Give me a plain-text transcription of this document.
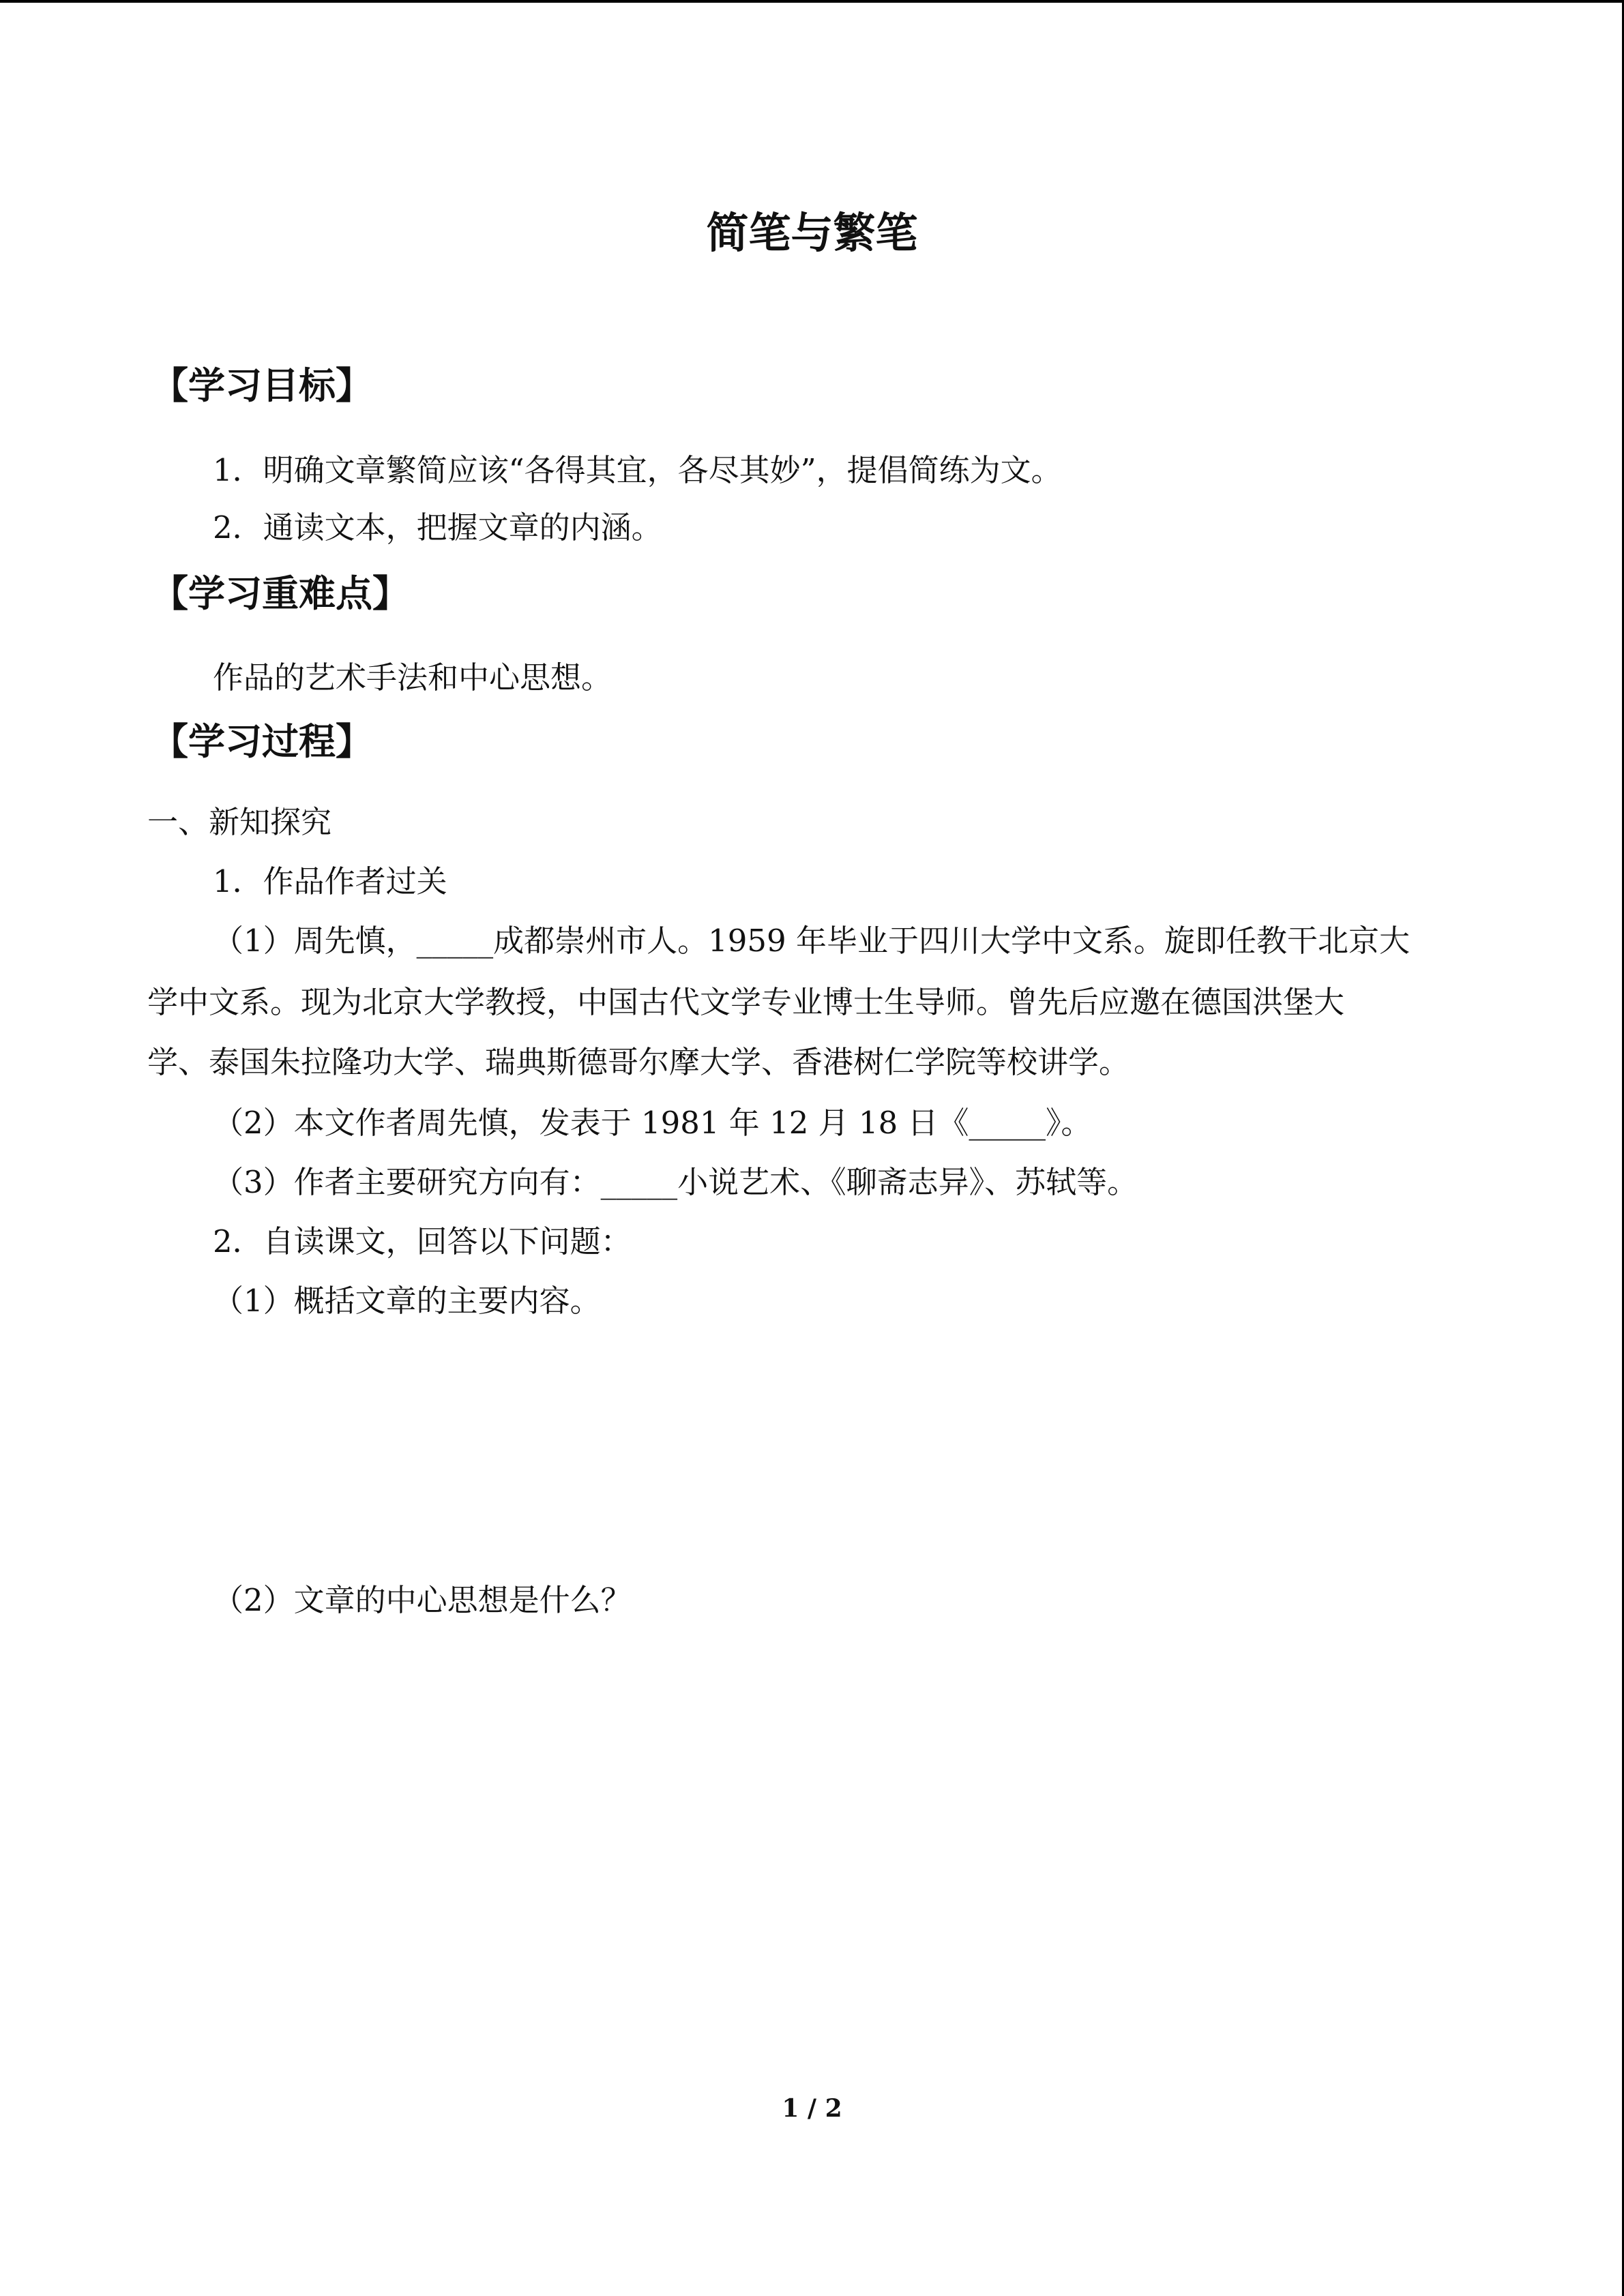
简笔与繁笔
【学习目标】
1．明确文章繁简应该“各得其宜，各尽其妙”，提倡简练为文。
2．通读文本，把握文章的内涵。
【学习重难点】
作品的艺术手法和中心思想。
【学习过程】
一、新知探究
1．作品作者过关
（1）周先慎，_____成都崇州市人。1959 年毕业于四川大学中文系。旋即任教干北京大
学中文系。现为北京大学教授，中国古代文学专业博士生导师。曾先后应邀在德国洪堡大
学、泰国朱拉隆功大学、瑞典斯德哥尔摩大学、香港树仁学院等校讲学。
（2）本文作者周先慎，发表于 1981 年 12 月 18 日《_____》。
（3）作者主要研究方向有：_____小说艺术、《聊斋志异》、苏轼等。
2．自读课文，回答以下问题：
（1）概括文章的主要内容。
（2）文章的中心思想是什么？
1 / 2
